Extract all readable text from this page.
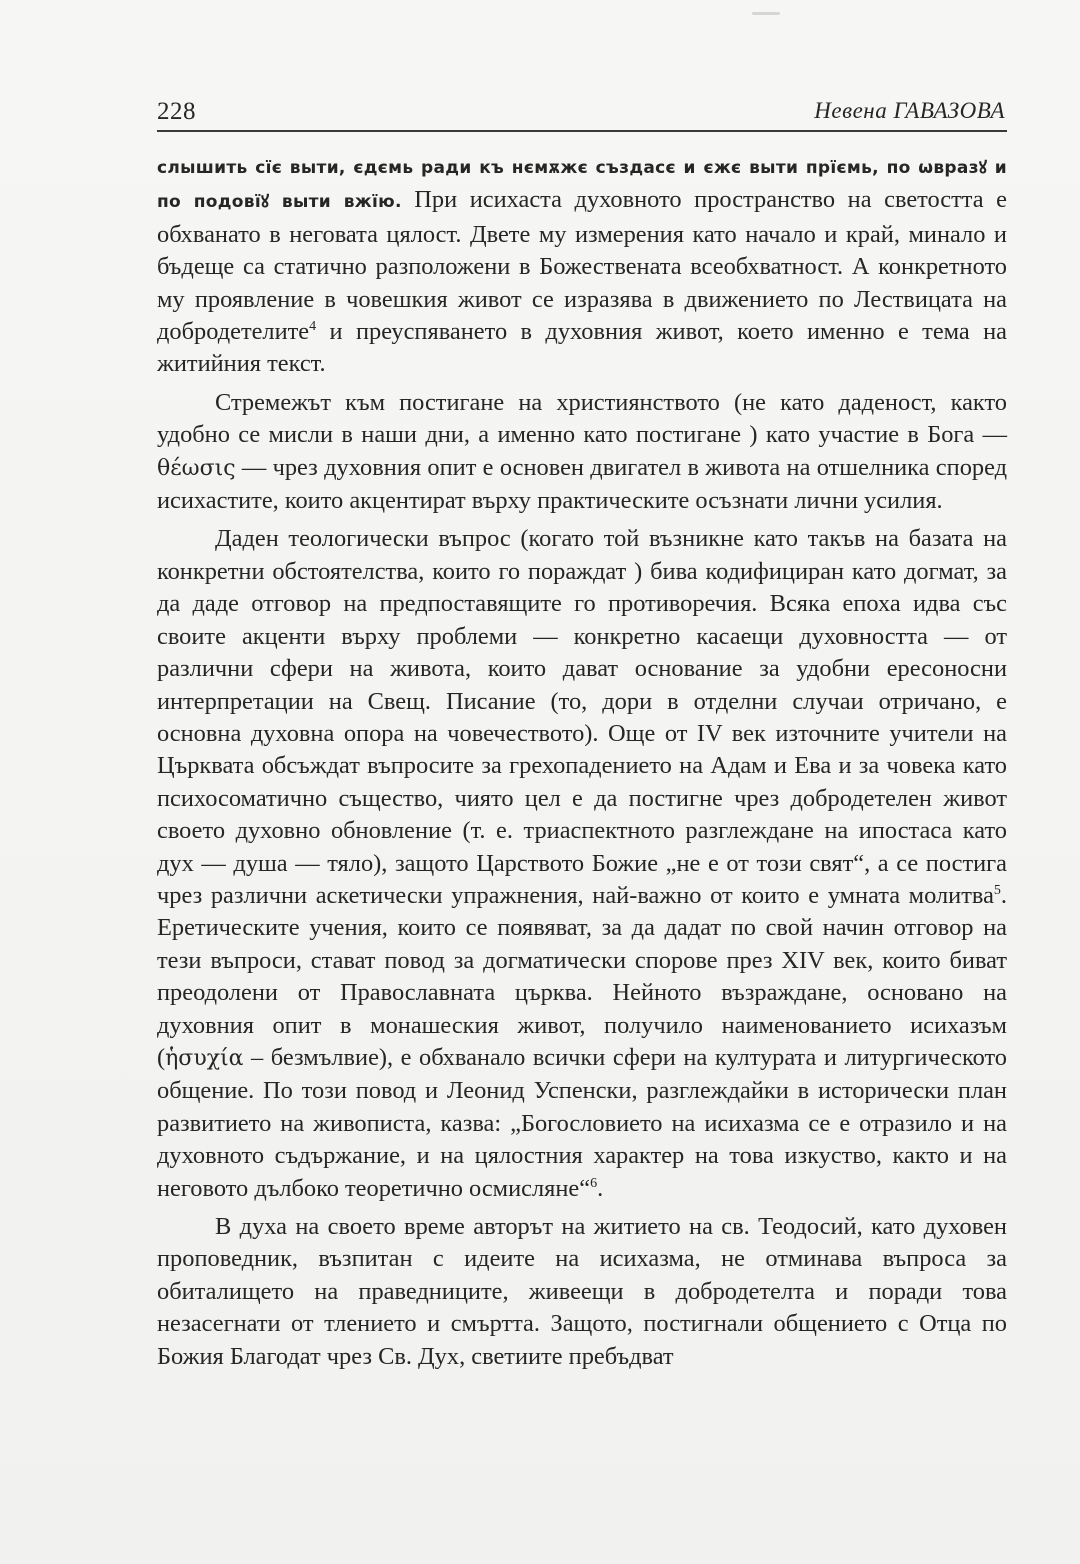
228	Невена ГАВАЗОВА

слышить сїє выти, єдємь ради къ нємѫжє създасє и єжє выти прїємь, по ѡвразꙋ и по подовїꙋ выти вжїю. При исихаста духовното пространство на светостта е обхванато в неговата цялост. Двете му измерения като начало и край, минало и бъдеще са статично разположени в Божествената всеобхватност. А конкретното му проявление в човешкия живот се изразява в движението по Лествицата на добродетелите$^4$ и преуспяването в духовния живот, което именно е тема на житийния текст.

Стремежът към постигане на християнството (не като даденост, както удобно се мисли в наши дни, а именно като постигане ) като участие в Бога — θέωσις — чрез духовния опит е основен двигател в живота на отшелника според исихастите, които акцентират върху практическите осъзнати лични усилия.

Даден теологически въпрос (когато той възникне като такъв на базата на конкретни обстоятелства, които го пораждат ) бива кодифициран като догмат, за да даде отговор на предпоставящите го противоречия. Всяка епоха идва със своите акценти върху проблеми — конкретно касаещи духовността — от различни сфери на живота, които дават основание за удобни ересоносни интерпретации на Свещ. Писание (то, дори в отделни случаи отричано, е основна духовна опора на човечеството). Още от IV век източните учители на Църквата обсъждат въпросите за грехопадението на Адам и Ева и за човека като психосоматично същество, чиято цел е да постигне чрез добродетелен живот своето духовно обновление (т. е. триаспектното разглеждане на ипостаса като дух — душа — тяло), защото Царството Божие „не е от този свят“, а се постига чрез различни аскетически упражнения, най-важно от които е умната молитва$^5$. Еретическите учения, които се появяват, за да дадат по свой начин отговор на тези въпроси, стават повод за догматически спорове през XIV век, които биват преодолени от Православната църква. Нейното възраждане, основано на духовния опит в монашеския живот, получило наименованието исихазъм (ἡσυχία – безмълвие), е обхванало всички сфери на културата и литургическото общение. По този повод и Леонид Успенски, разглеждайки в исторически план развитието на живописта, казва: „Богословието на исихазма се е отразило и на духовното съдържание, и на цялостния характер на това изкуство, както и на неговото дълбоко теоретично осмисляне“$^6$.

В духа на своето време авторът на житието на св. Теодосий, като духовен проповедник, възпитан с идеите на исихазма, не отминава въпроса за обиталището на праведниците, живеещи в добродетелта и поради това незасегнати от тлението и смъртта. Защото, постигнали общението с Отца по Божия Благодат чрез Св. Дух, светиите пребъдват
